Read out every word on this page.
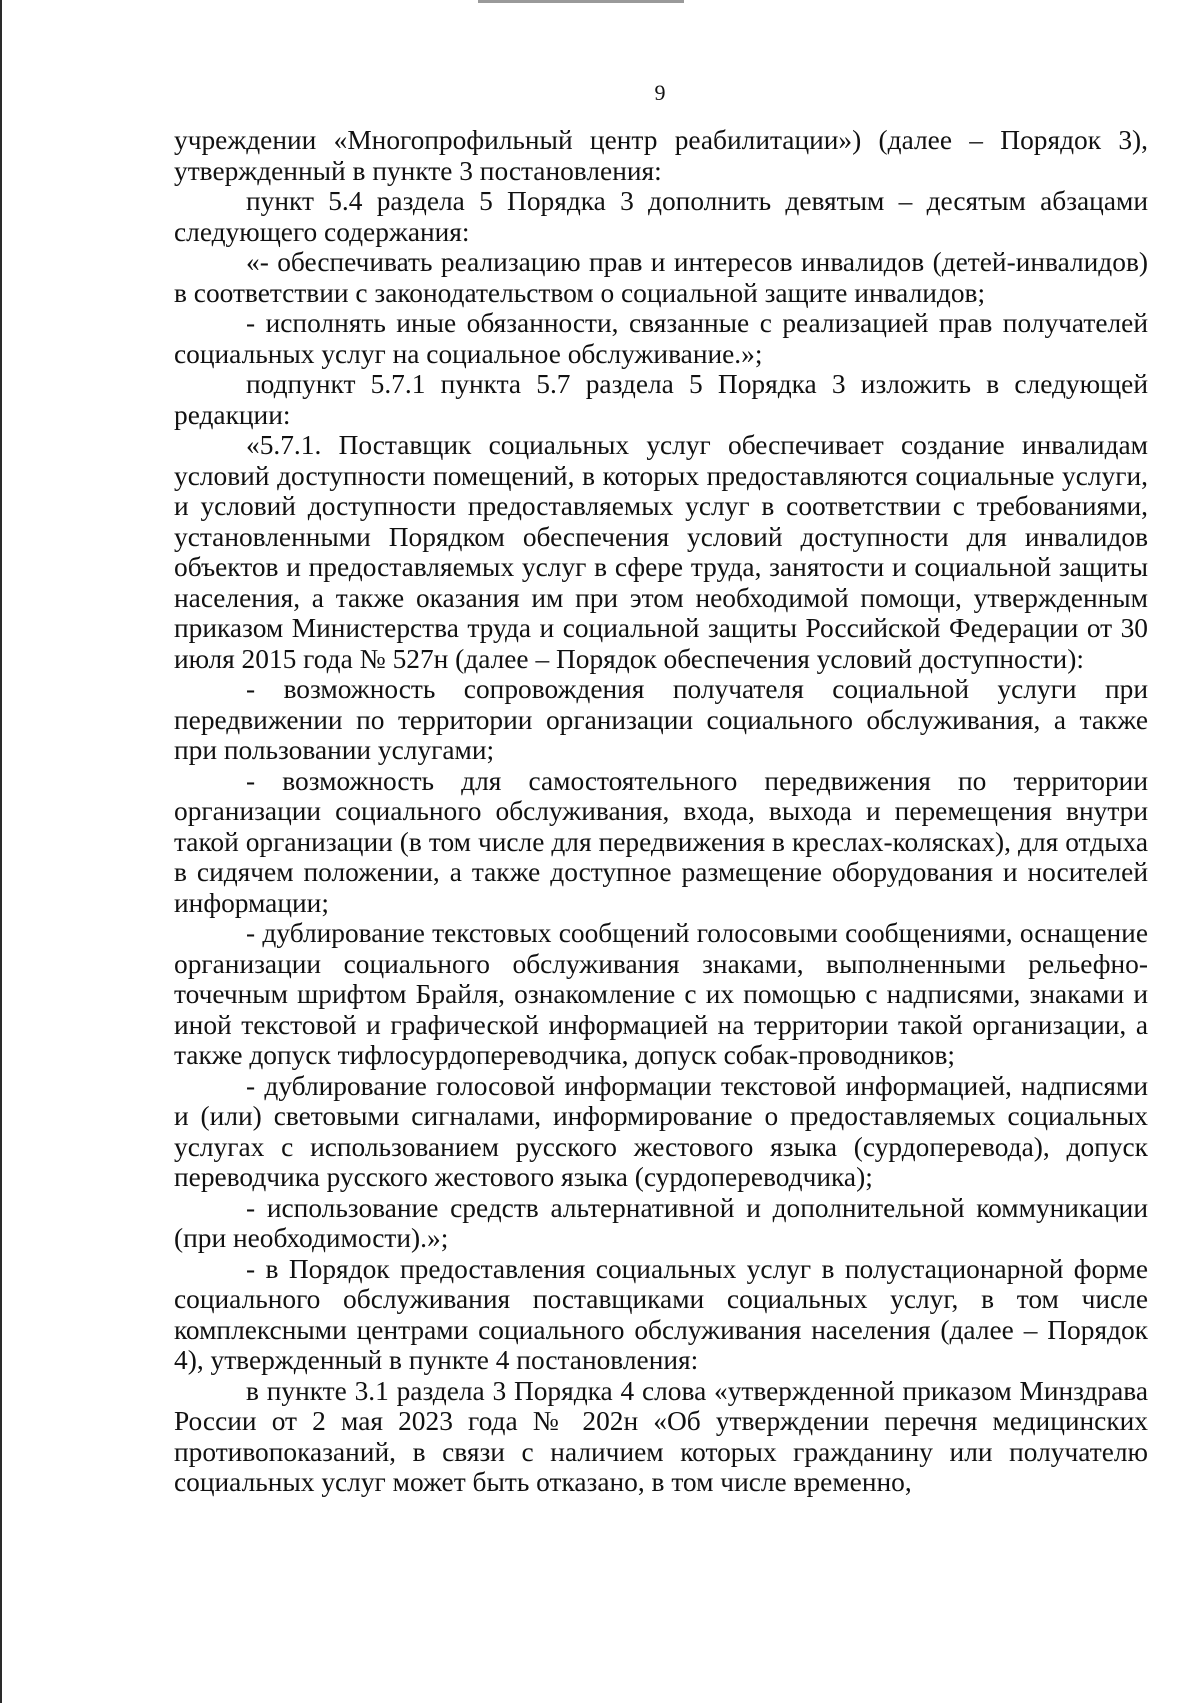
9

учреждении «Многопрофильный центр реабилитации») (далее – Порядок 3), утвержденный в пункте 3 постановления:

пункт 5.4 раздела 5 Порядка 3 дополнить девятым – десятым абзацами следующего содержания:

«- обеспечивать реализацию прав и интересов инвалидов (детей-инвалидов) в соответствии с законодательством о социальной защите инвалидов;

- исполнять иные обязанности, связанные с реализацией прав получателей социальных услуг на социальное обслуживание.»;

подпункт 5.7.1 пункта 5.7 раздела 5 Порядка 3 изложить в следующей редакции:

«5.7.1. Поставщик социальных услуг обеспечивает создание инвалидам условий доступности помещений, в которых предоставляются социальные услуги, и условий доступности предоставляемых услуг в соответствии с требованиями, установленными Порядком обеспечения условий доступности для инвалидов объектов и предоставляемых услуг в сфере труда, занятости и социальной защиты населения, а также оказания им при этом необходимой помощи, утвержденным приказом Министерства труда и социальной защиты Российской Федерации от 30 июля 2015 года № 527н (далее – Порядок обеспечения условий доступности):

- возможность сопровождения получателя социальной услуги при передвижении по территории организации социального обслуживания, а также при пользовании услугами;

- возможность для самостоятельного передвижения по территории организации социального обслуживания, входа, выхода и перемещения внутри такой организации (в том числе для передвижения в креслах-колясках), для отдыха в сидячем положении, а также доступное размещение оборудования и носителей информации;

- дублирование текстовых сообщений голосовыми сообщениями, оснащение организации социального обслуживания знаками, выполненными рельефно-точечным шрифтом Брайля, ознакомление с их помощью с надписями, знаками и иной текстовой и графической информацией на территории такой организации, а также допуск тифлосурдопереводчика, допуск собак-проводников;

- дублирование голосовой информации текстовой информацией, надписями и (или) световыми сигналами, информирование о предоставляемых социальных услугах с использованием русского жестового языка (сурдоперевода), допуск переводчика русского жестового языка (сурдопереводчика);

- использование средств альтернативной и дополнительной коммуникации (при необходимости).»;

- в Порядок предоставления социальных услуг в полустационарной форме социального обслуживания поставщиками социальных услуг, в том числе комплексными центрами социального обслуживания населения (далее – Порядок 4), утвержденный в пункте 4 постановления:

в пункте 3.1 раздела 3 Порядка 4 слова «утвержденной приказом Минздрава России от 2 мая 2023 года № 202н «Об утверждении перечня медицинских противопоказаний, в связи с наличием которых гражданину или получателю социальных услуг может быть отказано, в том числе временно,
